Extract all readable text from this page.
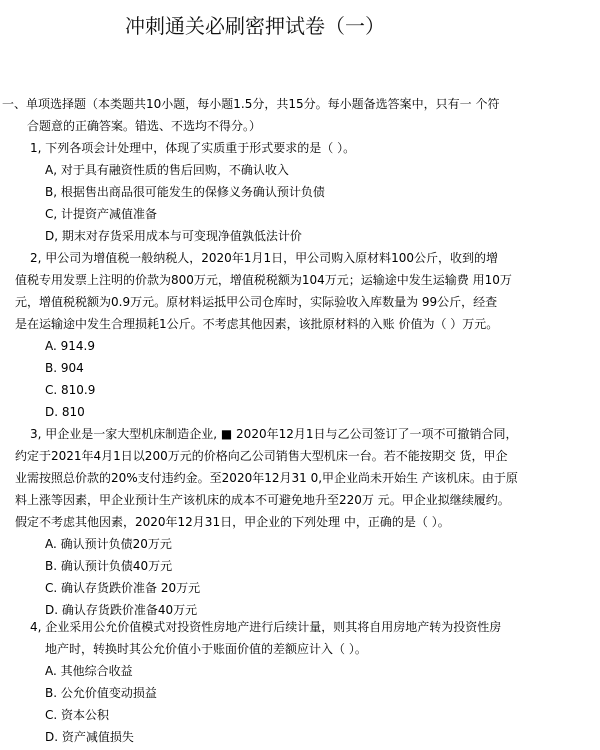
冲刺通关必刷密押试卷（一）
一、单项选择题（本类题共10小题，每小题1.5分，共15分。每小题备选答案中，只有一 个符
合题意的正确答案。错选、不选均不得分。）
1, 下列各项会计处理中，体现了实质重于形式要求的是（ ）。
A, 对于具有融资性质的售后回购，不确认收入
B, 根据售出商品很可能发生的保修义务确认预计负债
C, 计提资产减值准备
D, 期末对存货采用成本与可变现净值孰低法计价
2, 甲公司为增值税一般纳税人，2020年1月1日，甲公司购入原材料100公斤，收到的增
值税专用发票上注明的价款为800万元，增值税税额为104万元；运输途中发生运输费 用10万
元，增值税税额为0.9万元。原材料运抵甲公司仓库时，实际验收入库数量为 99公斤，经查
是在运输途中发生合理损耗1公斤。不考虑其他因素，该批原材料的入账 价值为（ ）万元。
A. 914.9
B. 904
C. 810.9
D. 810
3, 甲企业是一家大型机床制造企业, ■ 2020年12月1日与乙公司签订了一项不可撤销合同，
约定于2021年4月1日以200万元的价格向乙公司销售大型机床一台。若不能按期交 货，甲企
业需按照总价款的20%支付违约金。至2020年12月31 0,甲企业尚未开始生 产该机床。由于原
料上涨等因素，甲企业预计生产该机床的成本不可避免地升至220万 元。甲企业拟继续履约。
假定不考虑其他因素，2020年12月31日，甲企业的下列处理 中，正确的是（ ）。
A. 确认预计负债20万元
B. 确认预计负债40万元
C. 确认存货跌价准备 20万元
D. 确认存货跌价准备40万元
4, 企业采用公允价值模式对投资性房地产进行后续计量，则其将自用房地产转为投资性房
地产时，转换时其公允价值小于账面价值的差额应计入（ ）。
A. 其他综合收益
B. 公允价值变动损益
C. 资本公积
D. 资产减值损失
